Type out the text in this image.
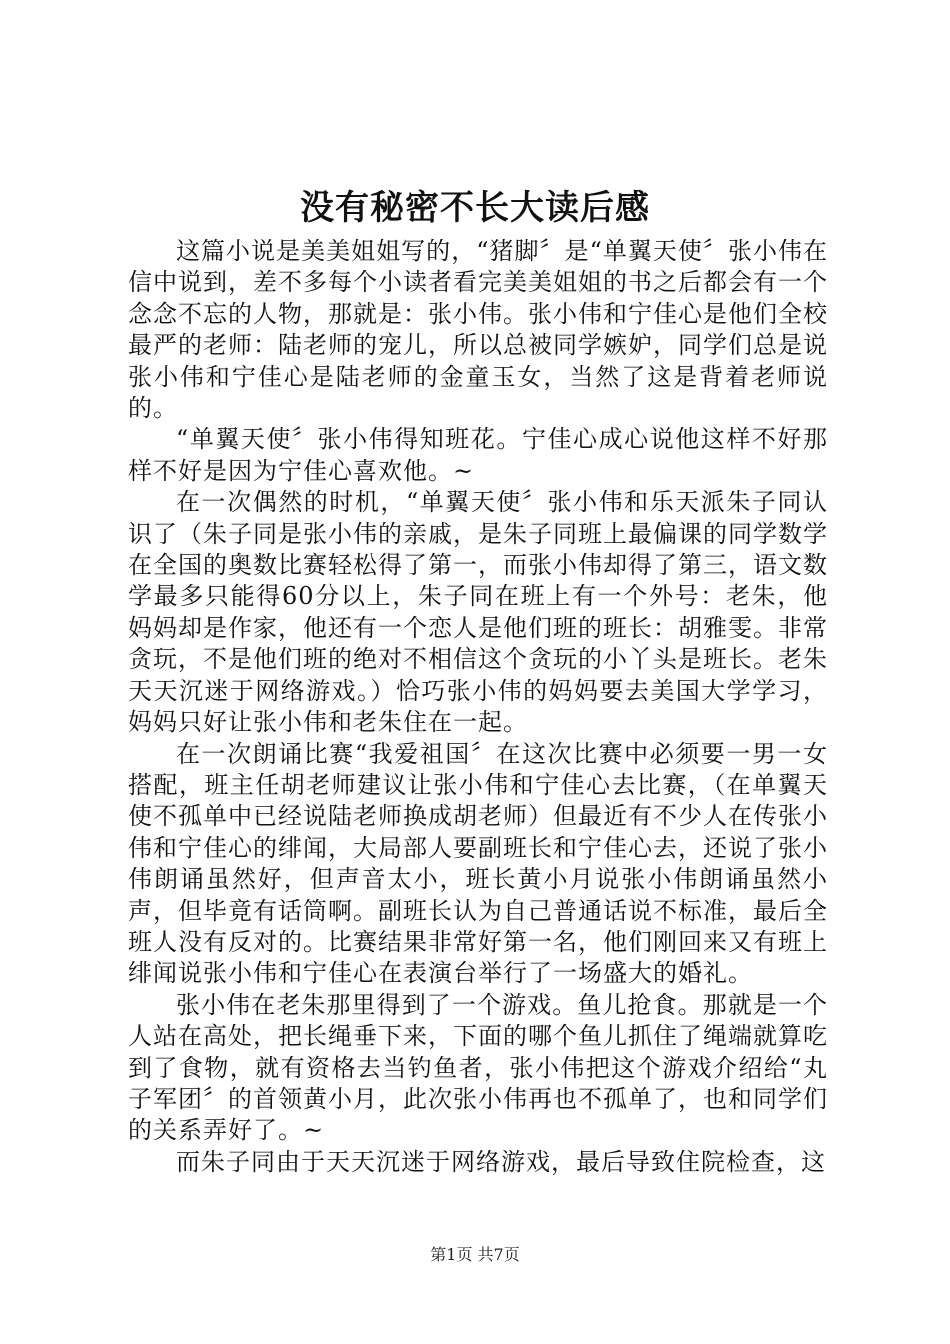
没有秘密不长大读后感

这篇小说是美美姐姐写的，“猪脚〞是“单翼天使〞张小伟在信中说到，差不多每个小读者看完美美姐姐的书之后都会有一个念念不忘的人物，那就是：张小伟。张小伟和宁佳心是他们全校最严的老师：陆老师的宠儿，所以总被同学嫉妒，同学们总是说张小伟和宁佳心是陆老师的金童玉女，当然了这是背着老师说的。

“单翼天使〞张小伟得知班花。宁佳心成心说他这样不好那样不好是因为宁佳心喜欢他。~

在一次偶然的时机，“单翼天使〞张小伟和乐天派朱子同认识了（朱子同是张小伟的亲戚，是朱子同班上最偏课的同学数学在全国的奥数比赛轻松得了第一，而张小伟却得了第三，语文数学最多只能得60分以上，朱子同在班上有一个外号：老朱，他妈妈却是作家，他还有一个恋人是他们班的班长：胡雅雯。非常贪玩，不是他们班的绝对不相信这个贪玩的小丫头是班长。老朱天天沉迷于网络游戏。）恰巧张小伟的妈妈要去美国大学学习，妈妈只好让张小伟和老朱住在一起。

在一次朗诵比赛“我爱祖国〞在这次比赛中必须要一男一女搭配，班主任胡老师建议让张小伟和宁佳心去比赛，（在单翼天使不孤单中已经说陆老师换成胡老师）但最近有不少人在传张小伟和宁佳心的绯闻，大局部人要副班长和宁佳心去，还说了张小伟朗诵虽然好，但声音太小，班长黄小月说张小伟朗诵虽然小声，但毕竟有话筒啊。副班长认为自己普通话说不标准，最后全班人没有反对的。比赛结果非常好第一名，他们刚回来又有班上绯闻说张小伟和宁佳心在表演台举行了一场盛大的婚礼。

张小伟在老朱那里得到了一个游戏。鱼儿抢食。那就是一个人站在高处，把长绳垂下来，下面的哪个鱼儿抓住了绳端就算吃到了食物，就有资格去当钓鱼者，张小伟把这个游戏介绍给“丸子军团〞的首领黄小月，此次张小伟再也不孤单了，也和同学们的关系弄好了。~

而朱子同由于天天沉迷于网络游戏，最后导致住院检查，这

第1页 共7页
